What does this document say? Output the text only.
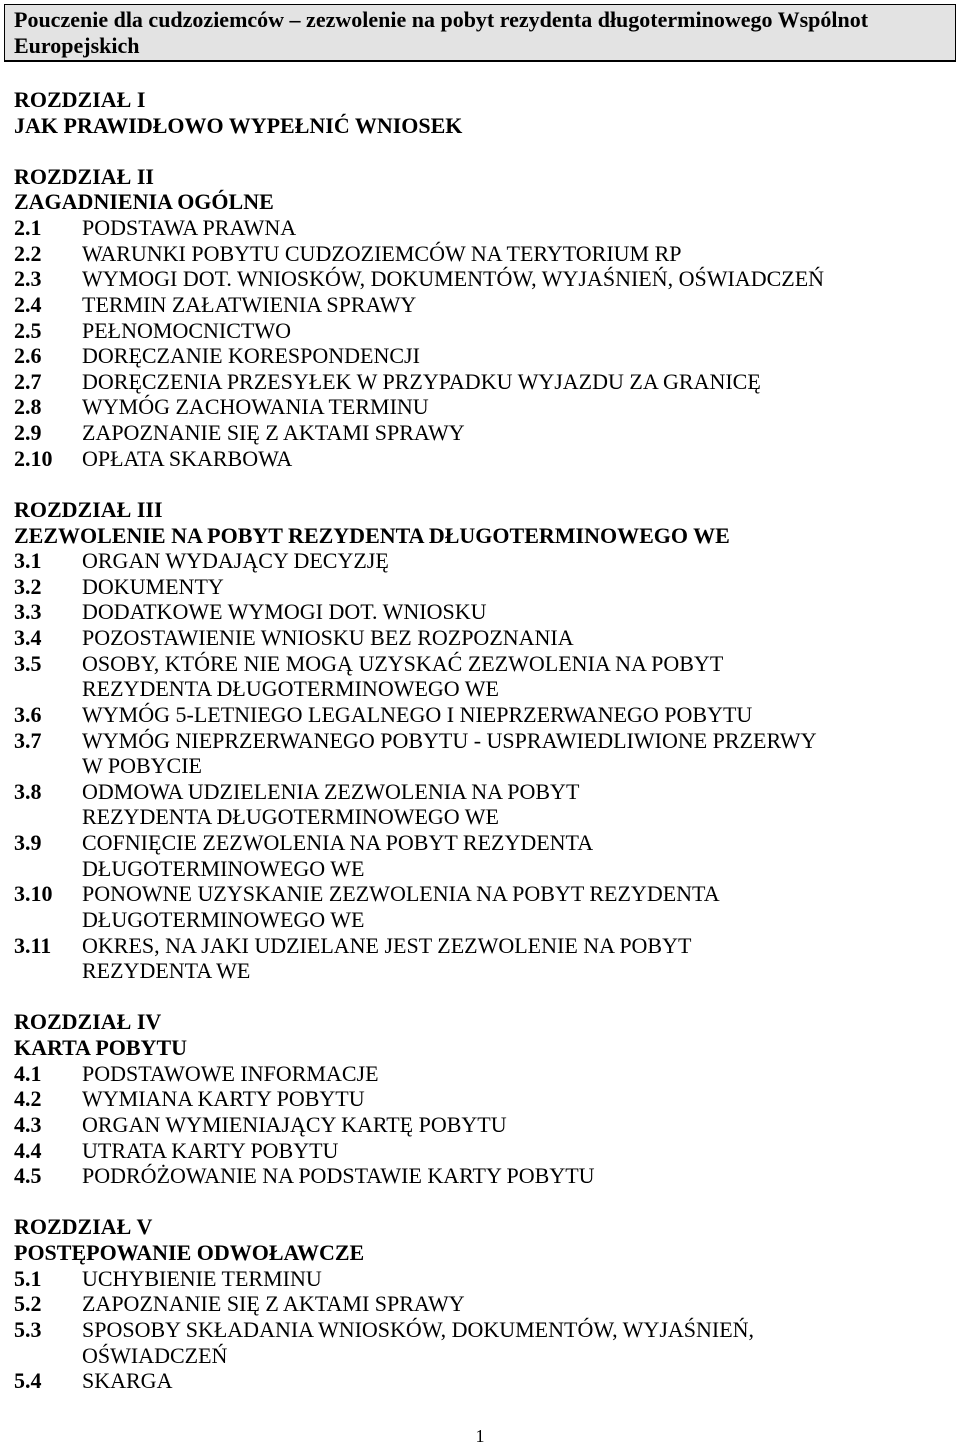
Pouczenie dla cudzoziemców – zezwolenie na pobyt rezydenta długoterminowego Wspólnot Europejskich
ROZDZIAŁ I
JAK PRAWIDŁOWO WYPEŁNIĆ WNIOSEK
ROZDZIAŁ II
ZAGADNIENIA OGÓLNE
2.1	PODSTAWA PRAWNA
2.2	WARUNKI POBYTU CUDZOZIEMCÓW NA TERYTORIUM RP
2.3	WYMOGI DOT. WNIOSKÓW, DOKUMENTÓW, WYJAŚNIEŃ, OŚWIADCZEŃ
2.4	TERMIN ZAŁATWIENIA SPRAWY
2.5	PEŁNOMOCNICTWO
2.6	DORĘCZANIE KORESPONDENCJI
2.7	DORĘCZENIA PRZESYŁEK W PRZYPADKU WYJAZDU ZA GRANICĘ
2.8	WYMÓG ZACHOWANIA TERMINU
2.9	ZAPOZNANIE SIĘ Z AKTAMI SPRAWY
2.10	OPŁATA SKARBOWA
ROZDZIAŁ III
ZEZWOLENIE NA POBYT REZYDENTA DŁUGOTERMINOWEGO WE
3.1	ORGAN WYDAJĄCY DECYZJĘ
3.2	DOKUMENTY
3.3	DODATKOWE WYMOGI DOT. WNIOSKU
3.4	POZOSTAWIENIE WNIOSKU BEZ ROZPOZNANIA
3.5	OSOBY, KTÓRE NIE MOGĄ UZYSKAĆ ZEZWOLENIA NA POBYT
REZYDENTA DŁUGOTERMINOWEGO WE
3.6	WYMÓG 5-LETNIEGO LEGALNEGO I NIEPRZERWANEGO POBYTU
3.7	WYMÓG NIEPRZERWANEGO POBYTU - USPRAWIEDLIWIONE PRZERWY
W POBYCIE
3.8	ODMOWA UDZIELENIA ZEZWOLENIA NA POBYT
REZYDENTA DŁUGOTERMINOWEGO WE
3.9	COFNIĘCIE ZEZWOLENIA NA POBYT REZYDENTA
DŁUGOTERMINOWEGO WE
3.10	PONOWNE UZYSKANIE ZEZWOLENIA NA POBYT REZYDENTA
DŁUGOTERMINOWEGO WE
3.11	OKRES, NA JAKI UDZIELANE JEST ZEZWOLENIE NA POBYT
REZYDENTA WE
ROZDZIAŁ IV
KARTA POBYTU
4.1	PODSTAWOWE INFORMACJE
4.2	WYMIANA KARTY POBYTU
4.3	ORGAN WYMIENIAJĄCY KARTĘ POBYTU
4.4	UTRATA KARTY POBYTU
4.5	PODRÓŻOWANIE NA PODSTAWIE KARTY POBYTU
ROZDZIAŁ V
POSTĘPOWANIE ODWOŁAWCZE
5.1	UCHYBIENIE TERMINU
5.2	ZAPOZNANIE SIĘ Z AKTAMI SPRAWY
5.3	SPOSOBY SKŁADANIA WNIOSKÓW, DOKUMENTÓW, WYJAŚNIEŃ,
OŚWIADCZEŃ
5.4	SKARGA
1
